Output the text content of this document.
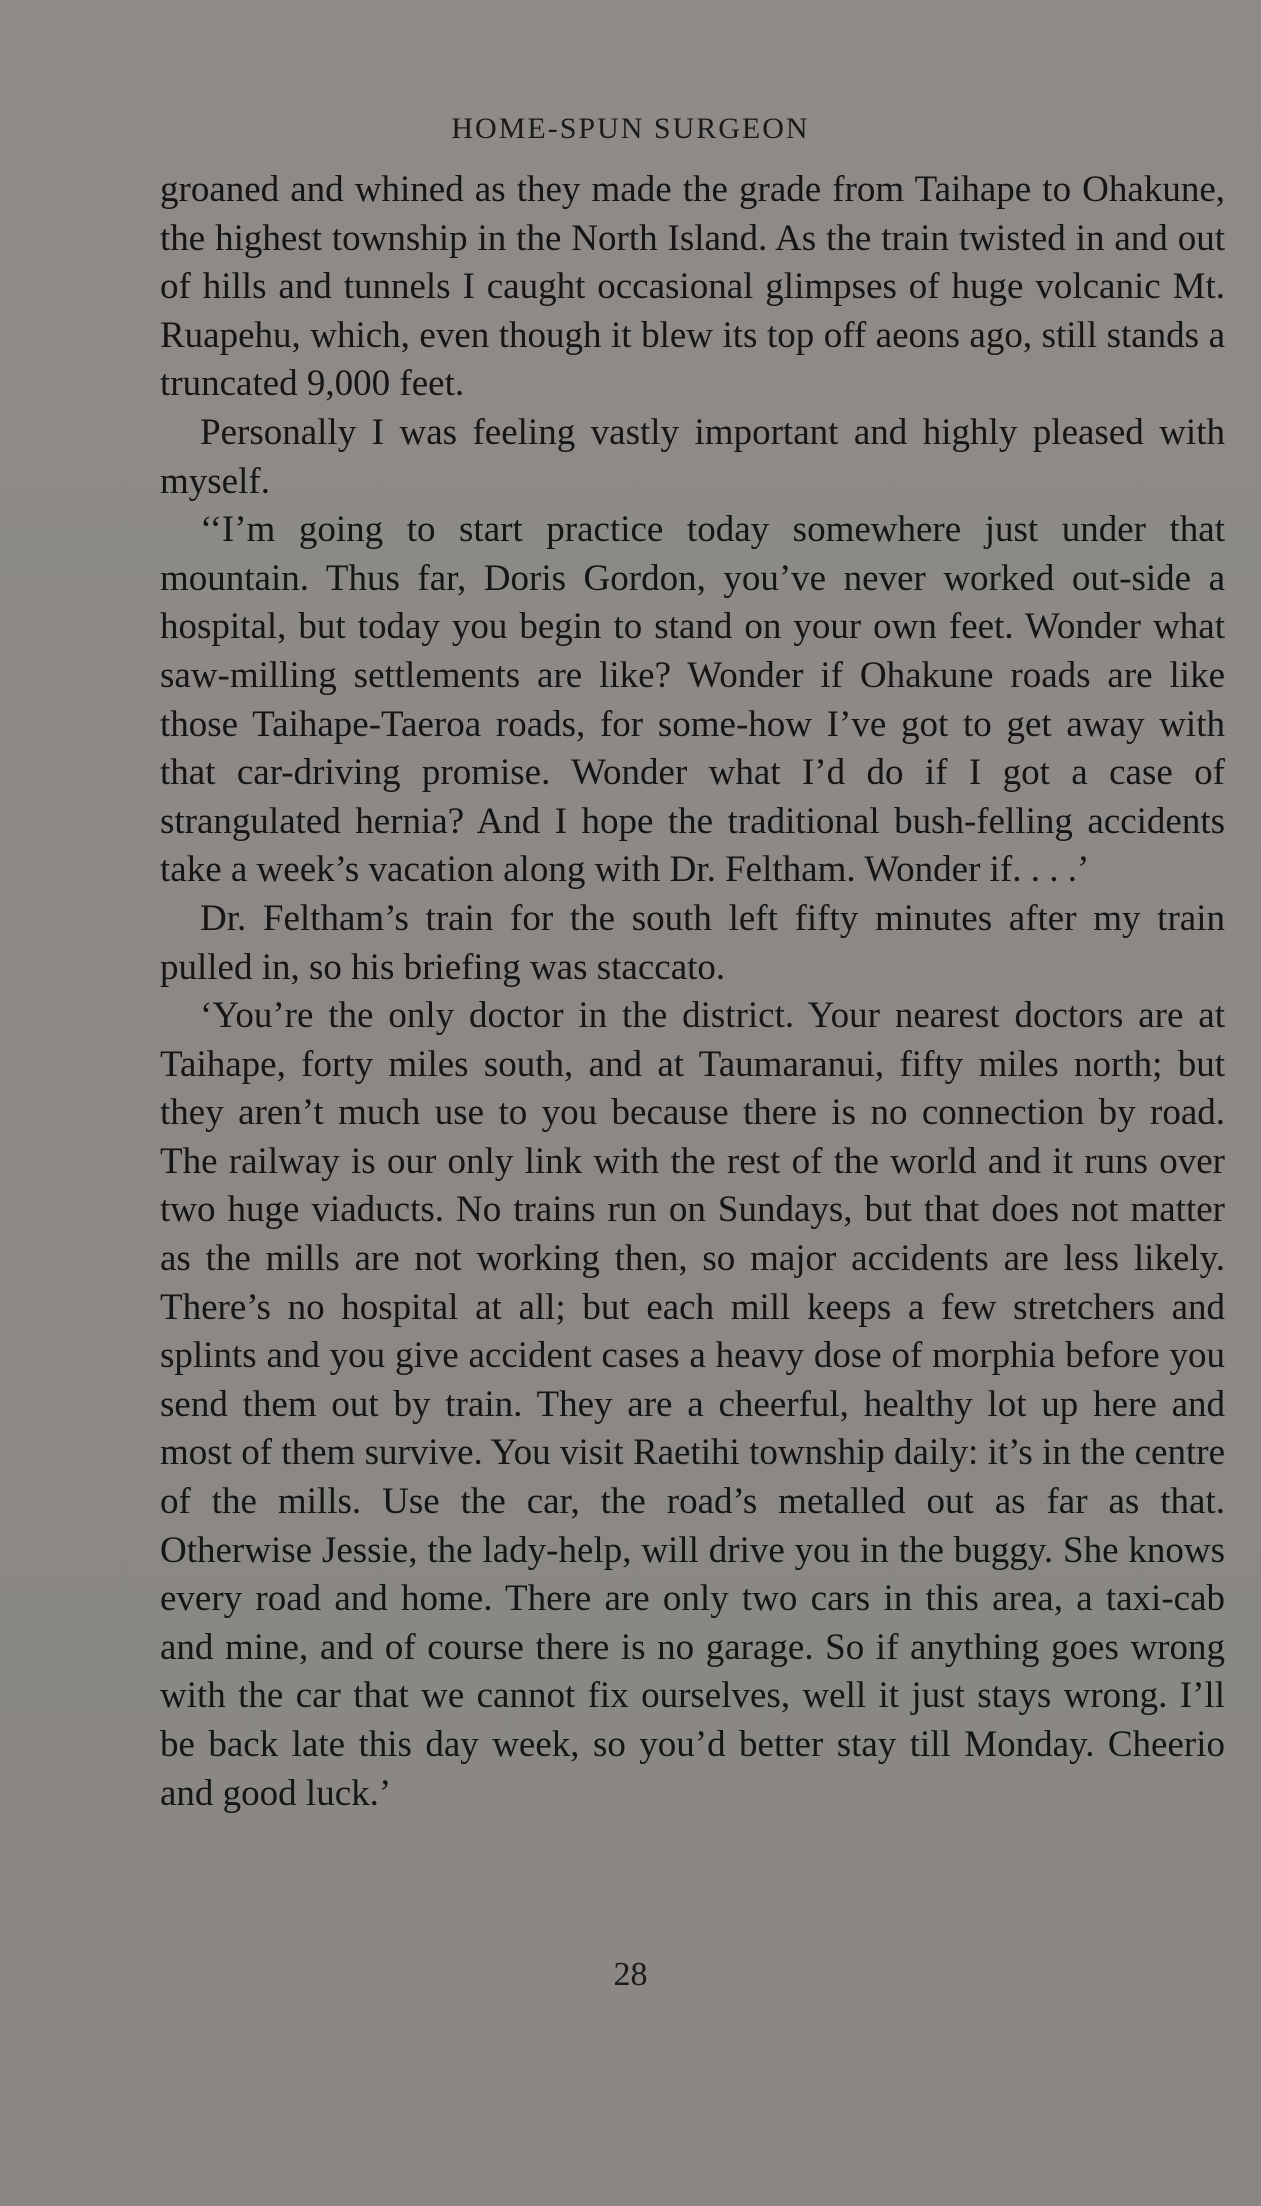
HOME-SPUN SURGEON

groaned and whined as they made the grade from Taihape to Ohakune, the highest township in the North Island. As the train twisted in and out of hills and tunnels I caught occasional glimpses of huge volcanic Mt. Ruapehu, which, even though it blew its top off aeons ago, still stands a truncated 9,000 feet.

Personally I was feeling vastly important and highly pleased with myself.

‘‘I’m going to start practice today somewhere just under that mountain. Thus far, Doris Gordon, you’ve never worked out-side a hospital, but today you begin to stand on your own feet. Wonder what saw-milling settlements are like? Wonder if Ohakune roads are like those Taihape-Taeroa roads, for some-how I’ve got to get away with that car-driving promise. Wonder what I’d do if I got a case of strangulated hernia? And I hope the traditional bush-felling accidents take a week’s vacation along with Dr. Feltham. Wonder if. . . .’

Dr. Feltham’s train for the south left fifty minutes after my train pulled in, so his briefing was staccato.

‘You’re the only doctor in the district. Your nearest doctors are at Taihape, forty miles south, and at Taumaranui, fifty miles north; but they aren’t much use to you because there is no connection by road. The railway is our only link with the rest of the world and it runs over two huge viaducts. No trains run on Sundays, but that does not matter as the mills are not working then, so major accidents are less likely. There’s no hospital at all; but each mill keeps a few stretchers and splints and you give accident cases a heavy dose of morphia before you send them out by train. They are a cheerful, healthy lot up here and most of them survive. You visit Raetihi township daily: it’s in the centre of the mills. Use the car, the road’s metalled out as far as that. Otherwise Jessie, the lady-help, will drive you in the buggy. She knows every road and home. There are only two cars in this area, a taxi-cab and mine, and of course there is no garage. So if anything goes wrong with the car that we cannot fix ourselves, well it just stays wrong. I’ll be back late this day week, so you’d better stay till Monday. Cheerio and good luck.’

28
